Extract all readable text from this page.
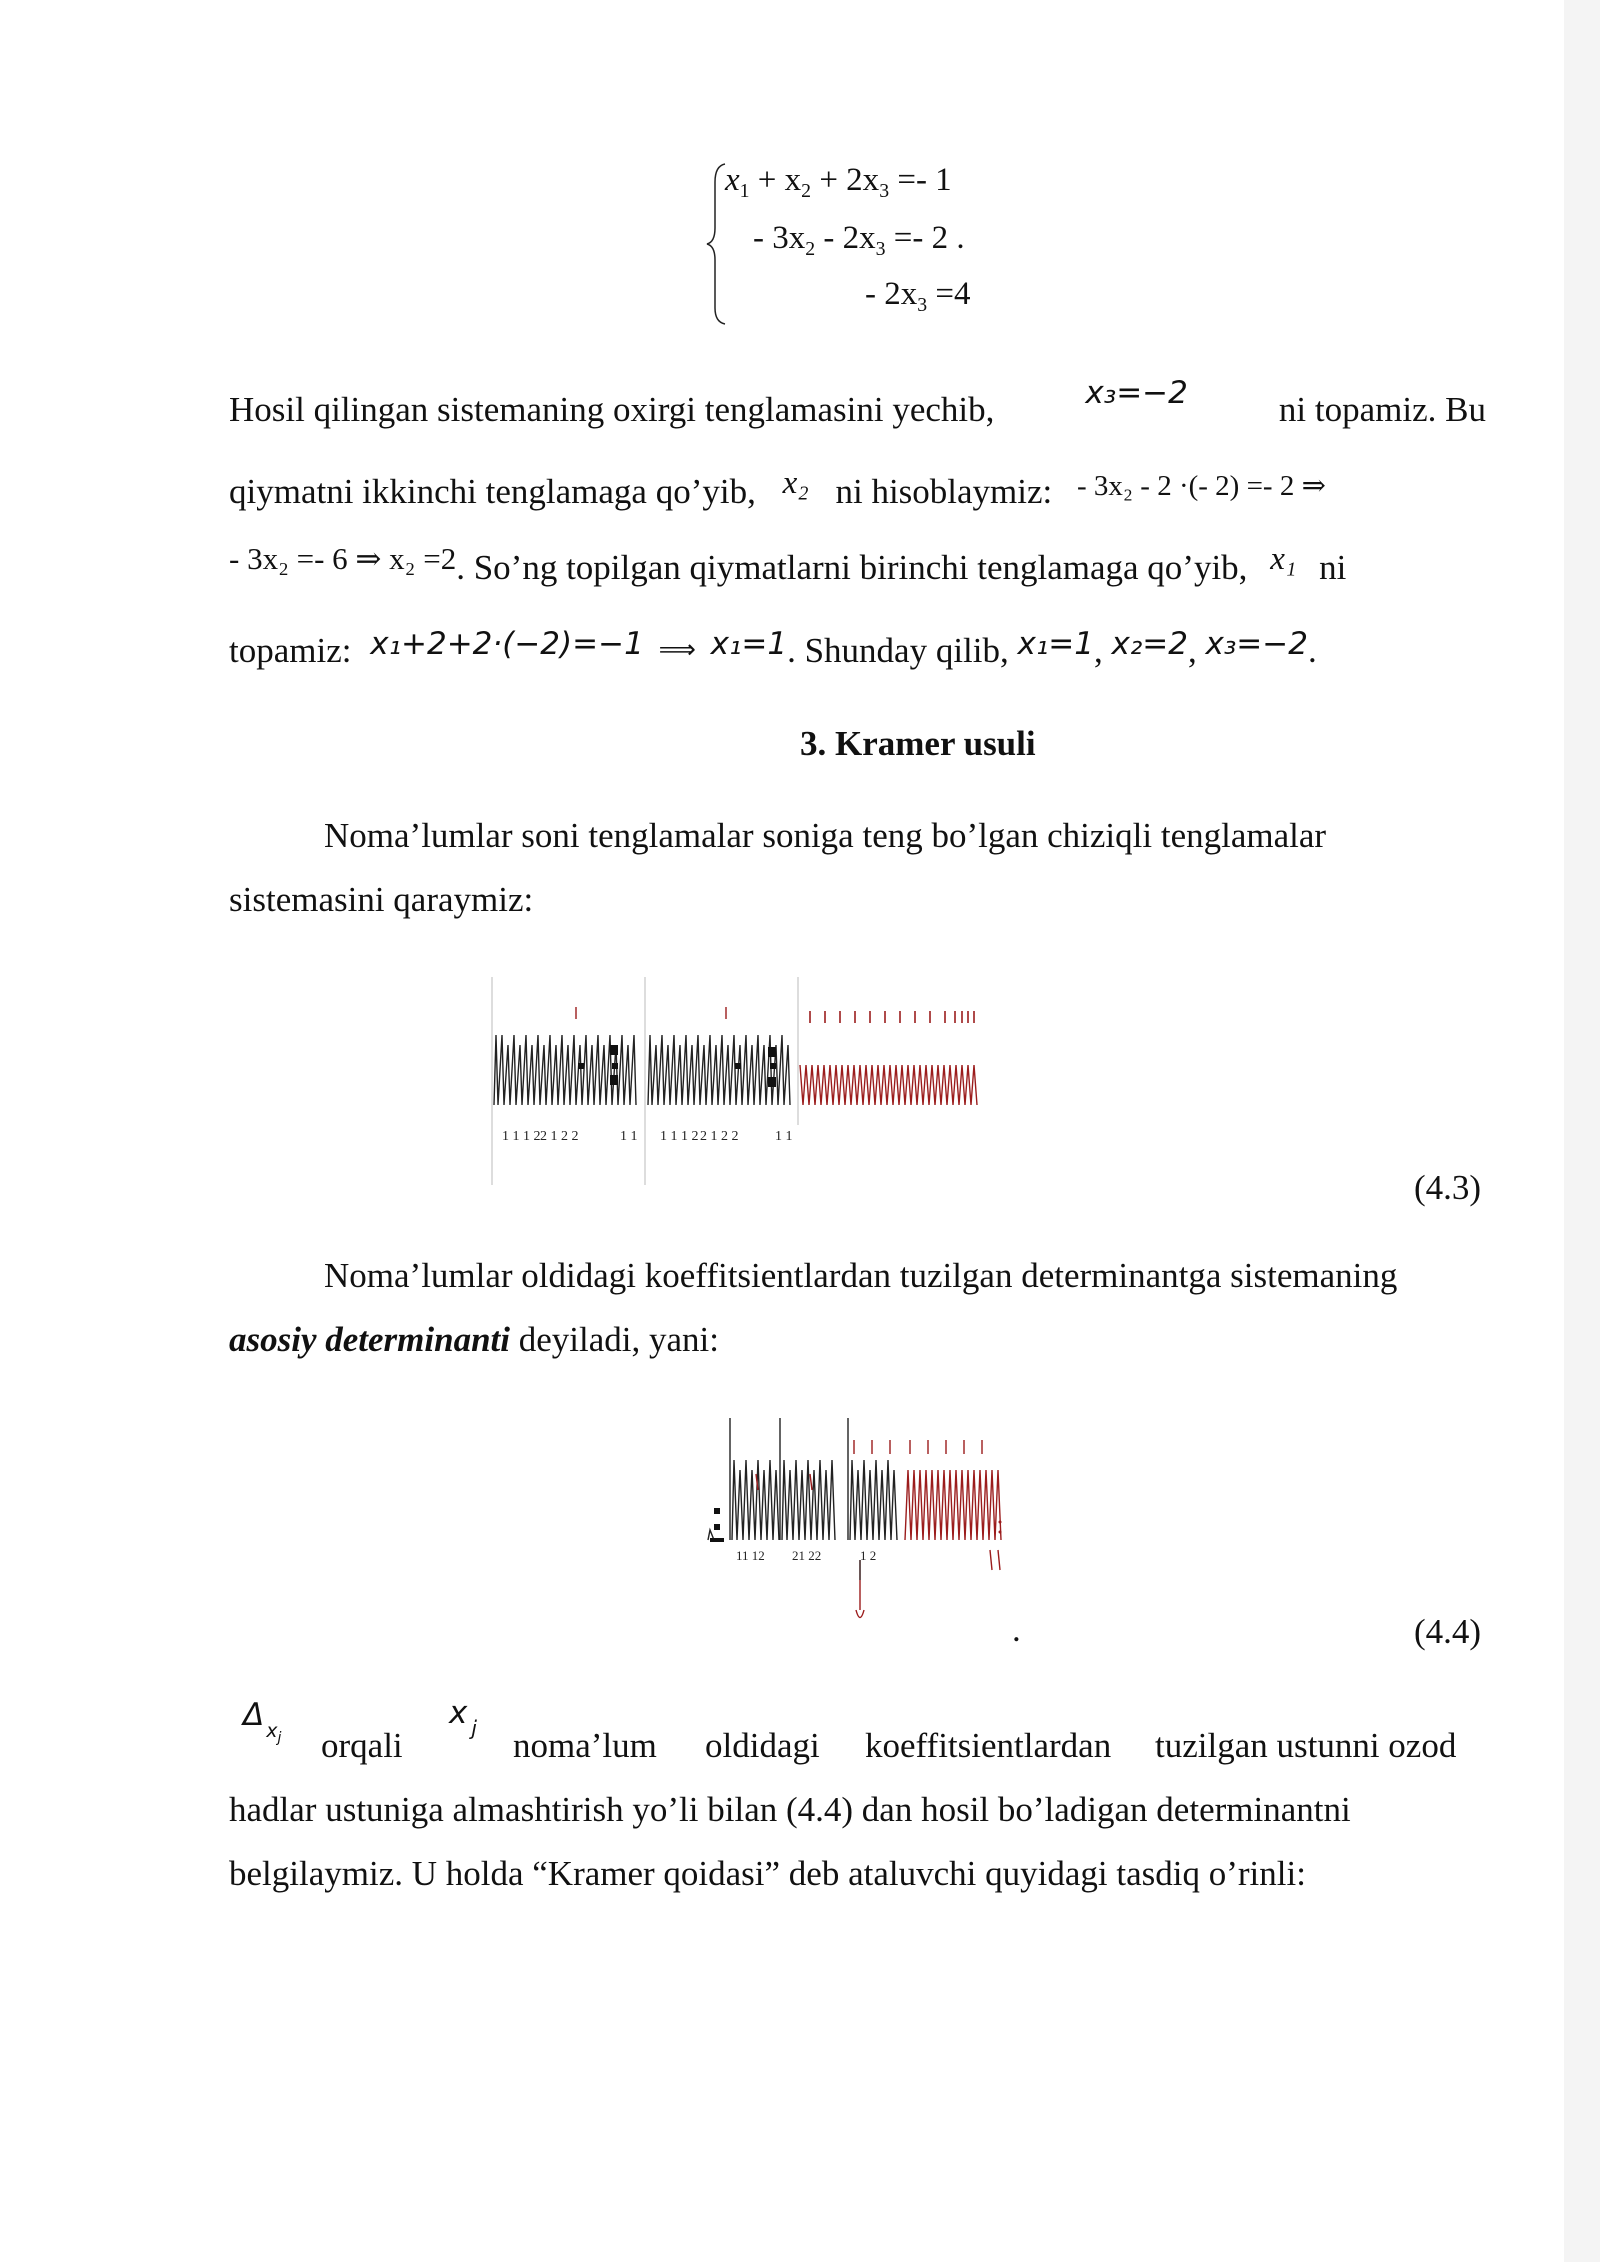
$x_1 + x_2 + 2x_3 =- 1$
- $3x_2 - 2x_3 =- 2$ .
- $2x_3 =4$
Hosil qilingan sistemaning oxirgi tenglamasini yechib,	x₃=−2	ni topamiz. Bu
qiymatni ikkinchi tenglamaga qo’yib, x₂ ni hisoblaymiz: $^{- 3x_2 - 2 \cdot(- 2) =- 2 \Rightarrow}$
- 3x₂ =- 6 ⇒ x₂ =2. So’ng topilgan qiymatlarni birinchi tenglamaga qo’yib, x₁ ni
topamiz: x₁+2+2·(−2)=−1 ⟹ x₁=1. Shunday qilib, x₁=1, x₂=2, x₃=−2.
3. Kramer usuli
Noma’lumlar soni tenglamalar soniga teng bo’lgan chiziqli tenglamalar
sistemasini qaraymiz:
1 1 1 2 2 1 2 2	1 1 1 1 1 2 2 1 2 2	1 1
(4.3)
Noma’lumlar oldidagi koeffitsientlardan tuzilgan determinantga sistemaning
asosiy determinanti deyiladi, yani:
11 12 21 22	1 2
.	(4.4)
Δ $_{x_j}$ orqali
x $_j$ noma’lum oldidagi koeffitsientlardan tuzilgan ustunni ozod
hadlar ustuniga almashtirish yo’li bilan (4.4) dan hosil bo’ladigan determinantni
belgilaymiz. U holda “Kramer qoidasi” deb ataluvchi quyidagi tasdiq o’rinli:
